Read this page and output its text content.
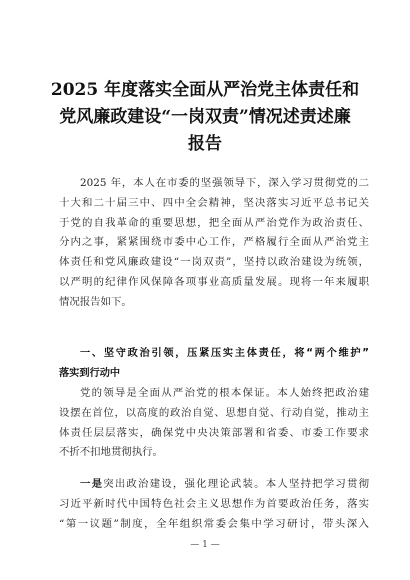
2025 年度落实全面从严治党主体责任和
党风廉政建设“一岗双责”情况述责述廉
报告
2025 年，本人在市委的坚强领导下，深入学习贯彻党的二
十大和二十届三中、四中全会精神，坚决落实习近平总书记关
于党的自我革命的重要思想，把全面从严治党作为政治责任、
分内之事，紧紧围绕市委中心工作，严格履行全面从严治党主
体责任和党风廉政建设“一岗双责”，坚持以政治建设为统领，
以严明的纪律作风保障各项事业高质量发展。现将一年来履职
情况报告如下。
一、坚守政治引领，压紧压实主体责任，将“两个维护”
落实到行动中
党的领导是全面从严治党的根本保证。本人始终把政治建
设摆在首位，以高度的政治自觉、思想自觉、行动自觉，推动主
体责任层层落实，确保党中央决策部署和省委、市委工作要求
不折不扣地贯彻执行。
一是突出政治建设，强化理论武装。本人坚持把学习贯彻
习近平新时代中国特色社会主义思想作为首要政治任务，落实
“第一议题”制度，全年组织常委会集中学习研讨，带头深入
— 1 —
